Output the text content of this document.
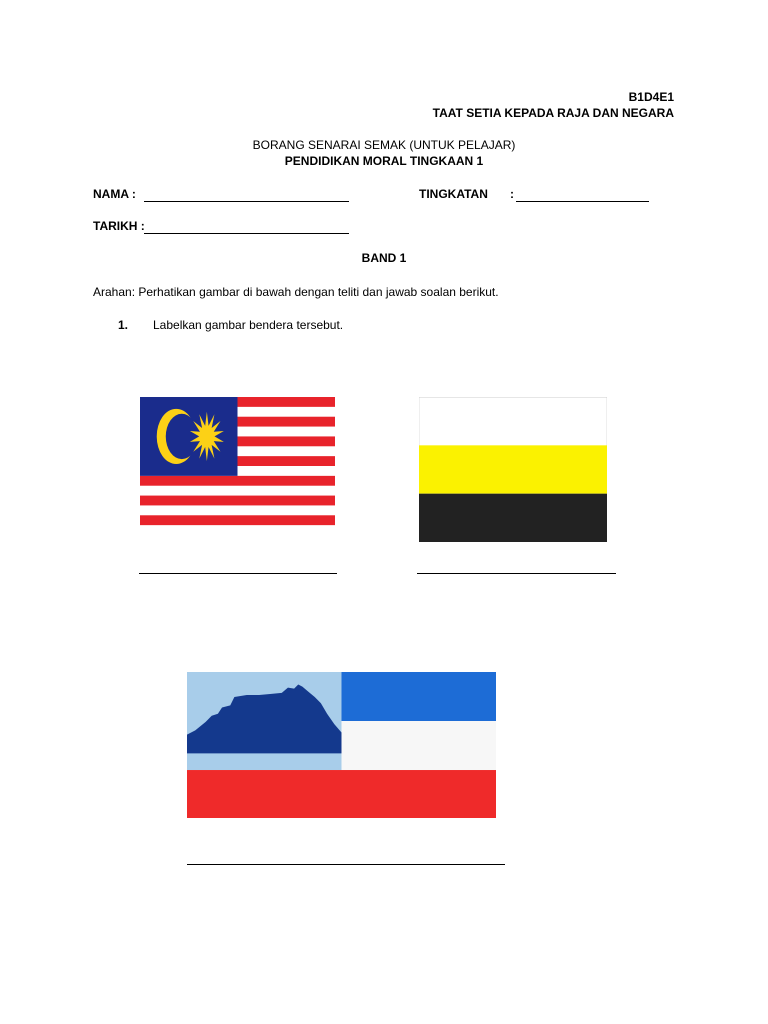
B1D4E1
TAAT SETIA KEPADA RAJA DAN NEGARA
BORANG SENARAI SEMAK (UNTUK PELAJAR)
PENDIDIKAN MORAL TINGKAAN 1
NAMA :	TINGKATAN :
TARIKH :
BAND 1
Arahan: Perhatikan gambar di bawah dengan teliti dan jawab soalan berikut.
1. Labelkan gambar bendera tersebut.
